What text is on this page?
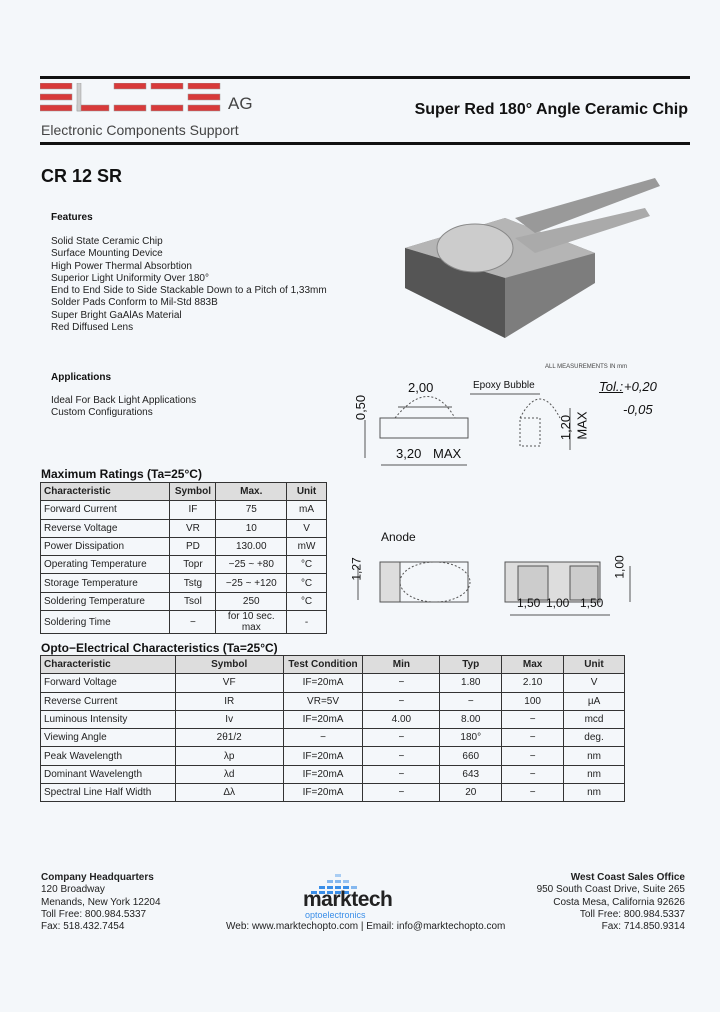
AG
Electronic Components Support
Super Red 180° Angle Ceramic Chip
CR 12 SR
Features
Solid State Ceramic Chip
Surface Mounting Device
High Power Thermal Absorbtion
Superior Light Uniformity Over 180°
End to End Side to Side Stackable Down to a Pitch of 1,33mm
Solder Pads Conform to Mil-Std 883B
Super Bright GaAlAs Material
Red Diffused Lens
Applications
Ideal For Back Light Applications
Custom Configurations
ALL MEASUREMENTS IN mm
2,00
0,50
3,20 MAX
Epoxy Bubble
1,20 MAX
Tol.: +0,20
-0,05
Anode
1,27	1,00
1,50 1,00 1,50
Maximum Ratings (Ta=25°C)
Characteristic	Symbol	Max.	Unit
Forward Current	IF	75	mA
Reverse Voltage	VR	10	V
Power Dissipation	PD	130.00	mW
Operating Temperature	Topr	−25 ~ +80	°C
Storage Temperature	Tstg	−25 ~ +120	°C
Soldering Temperature	Tsol	250	°C
Soldering Time	−	for 10 sec. max	-
Opto−Electrical Characteristics (Ta=25°C)
Characteristic	Symbol	Test Condition	Min	Typ	Max	Unit
Forward Voltage	VF	IF=20mA	−	1.80	2.10	V
Reverse Current	IR	VR=5V	−	−	100	µA
Luminous Intensity	Iv	IF=20mA	4.00	8.00	−	mcd
Viewing Angle	2θ1/2	−	−	180°	−	deg.
Peak Wavelength	λp	IF=20mA	−	660	−	nm
Dominant Wavelength	λd	IF=20mA	−	643	−	nm
Spectral Line Half Width	Δλ	IF=20mA	−	20	−	nm
Company Headquarters
120 Broadway
Menands, New York 12204
Toll Free: 800.984.5337
Fax: 518.432.7454
West Coast Sales Office
950 South Coast Drive, Suite 265
Costa Mesa, California 92626
Toll Free: 800.984.5337
Fax: 714.850.9314
marktech
optoelectronics
Web: www.marktechopto.com | Email: info@marktechopto.com
